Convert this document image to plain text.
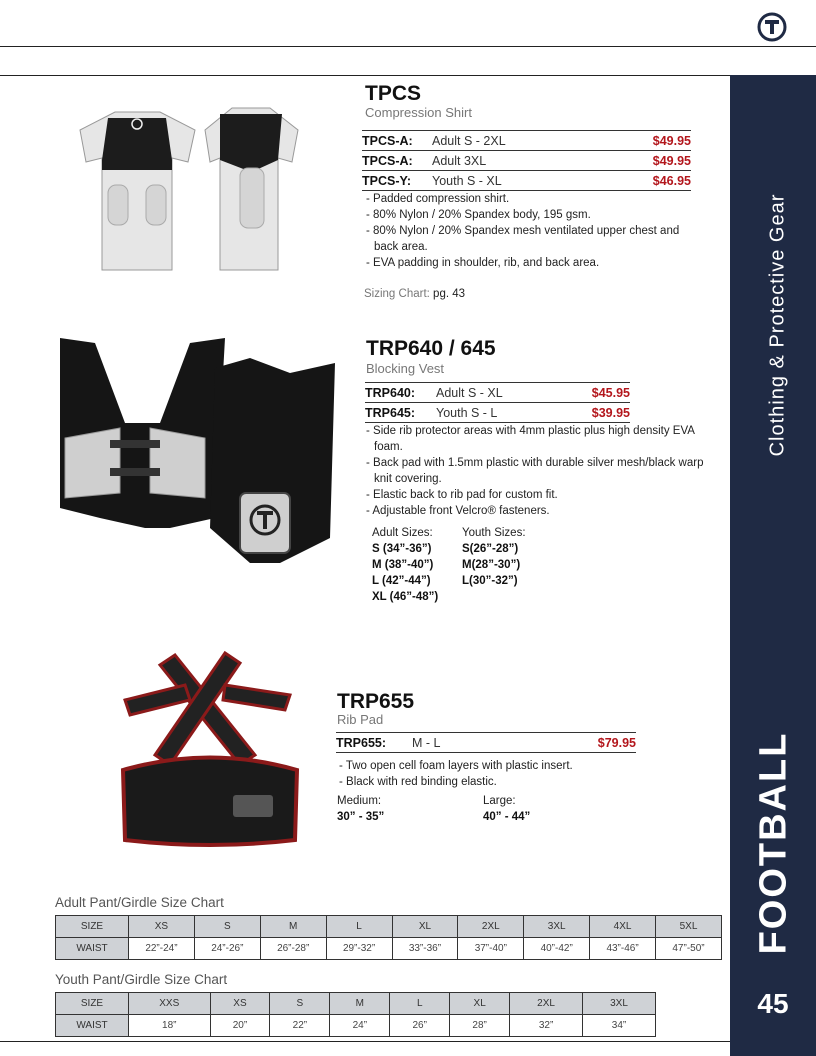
Clothing & Protective Gear
FOOTBALL
45
TPCS
Compression Shirt
TPCS-A:	Adult S - 2XL	$49.95
TPCS-A:	Adult 3XL	$49.95
TPCS-Y:	Youth S - XL	$46.95
- Padded compression shirt.
- 80% Nylon / 20% Spandex body, 195 gsm.
- 80% Nylon / 20% Spandex mesh ventilated upper chest and back area.
- EVA padding in shoulder, rib, and back area.
Sizing Chart: pg. 43
TRP640 / 645
Blocking Vest
TRP640:	Adult S - XL	$45.95
TRP645:	Youth S - L	$39.95
- Side rib protector areas with 4mm plastic plus high density EVA foam.
- Back pad with 1.5mm plastic with durable silver mesh/black warp knit covering.
- Elastic back to rib pad for custom fit.
- Adjustable front Velcro® fasteners.
Adult Sizes:
S (34”-36”)
M (38”-40”)
L (42”-44”)
XL (46”-48”)
Youth Sizes:
S(26”-28”)
M(28”-30”)
L(30”-32”)
TRP655
Rib Pad
TRP655:	M - L	$79.95
- Two open cell foam layers with plastic insert.
- Black with red binding elastic.
Medium:
30” - 35”
Large:
40” - 44”
Adult Pant/Girdle Size Chart
SIZE	XS	S	M	L	XL	2XL	3XL	4XL	5XL
WAIST	22”-24”	24”-26”	26”-28”	29”-32”	33”-36”	37”-40”	40”-42”	43”-46”	47”-50”
Youth Pant/Girdle Size Chart
SIZE	XXS	XS	S	M	L	XL	2XL	3XL
WAIST	18”	20”	22”	24”	26”	28”	32”	34”
